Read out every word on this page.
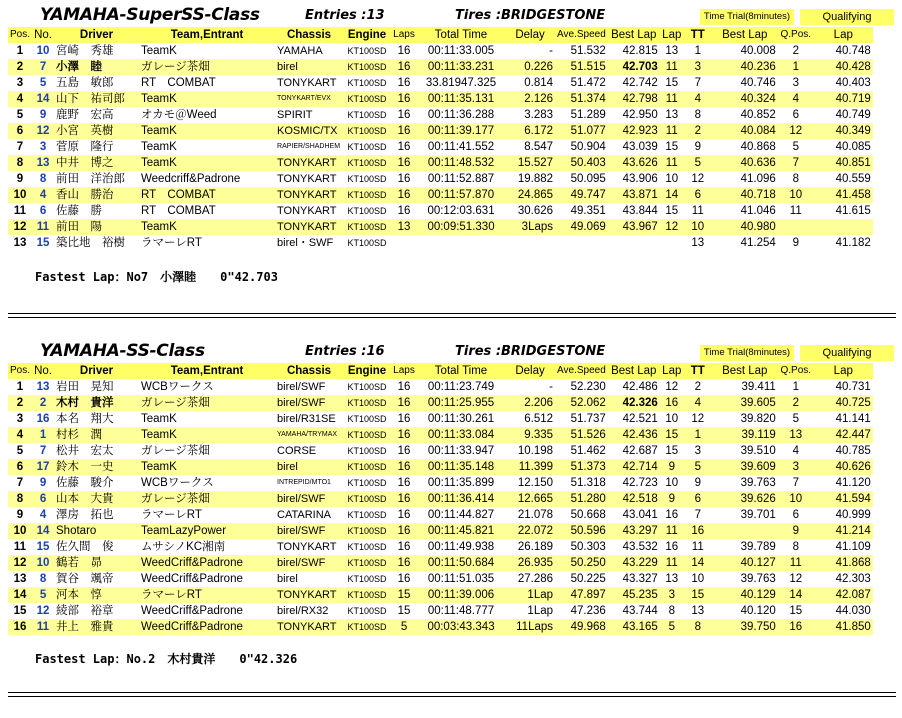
YAMAHA-SuperSS-Class	Entries :13	Tires :BRIDGESTONE	Time Trial(8minutes)	Qualifying
Pos.	No.	Driver	Team,Entrant	Chassis	Engine	Laps	Total Time	Delay	Ave.Speed	Best Lap	Lap	TT	Best Lap	Q.Pos.	Lap
1	10	宮崎　秀雄	TeamK	YAMAHA	KT100SD	16	00:11:33.005	-	51.532	42.815	13	1	40.008	2	40.748
2	7	小澤　睦	ガレージ茶畑	birel	KT100SD	16	00:11:33.231	0.226	51.515	42.703	11	3	40.236	1	40.428
3	5	五島　敏郎	RT　COMBAT	TONYKART	KT100SD	16	33.81947.325	0.814	51.472	42.742	15	7	40.746	3	40.403
4	14	山下　祐司郎	TeamK	TONYKART/EVX	KT100SD	16	00:11:35.131	2.126	51.374	42.798	11	4	40.324	4	40.719
5	9	鹿野　宏高	オカモ＠Weed	SPIRIT	KT100SD	16	00:11:36.288	3.283	51.289	42.950	13	8	40.852	6	40.749
6	12	小宮　英樹	TeamK	KOSMIC/TX	KT100SD	16	00:11:39.177	6.172	51.077	42.923	11	2	40.084	12	40.349
7	3	菅原　隆行	TeamK	RAPIER/SHADHEM	KT100SD	16	00:11:41.552	8.547	50.904	43.039	15	9	40.868	5	40.085
8	13	中井　博之	TeamK	TONYKART	KT100SD	16	00:11:48.532	15.527	50.403	43.626	11	5	40.636	7	40.851
9	8	前田　洋治郎	Weedcriff&Padrone	TONYKART	KT100SD	16	00:11:52.887	19.882	50.095	43.906	10	12	41.096	8	40.559
10	4	香山　勝治	RT　COMBAT	TONYKART	KT100SD	16	00:11:57.870	24.865	49.747	43.871	14	6	40.718	10	41.458
11	6	佐藤　勝	RT　COMBAT	TONYKART	KT100SD	16	00:12:03.631	30.626	49.351	43.844	15	11	41.046	11	41.615
12	11	前田　陽	TeamK	TONYKART	KT100SD	13	00:09:51.330	3Laps	49.069	43.967	12	10	40.980		
13	15	築比地　裕樹	ラマーレRT	birel・SWF	KT100SD							13	41.254	9	41.182
Fastest Lap：No7　小澤睦　　0"42.703
YAMAHA-SS-Class	Entries :16	Tires :BRIDGESTONE	Time Trial(8minutes)	Qualifying
Pos.	No.	Driver	Team,Entrant	Chassis	Engine	Laps	Total Time	Delay	Ave.Speed	Best Lap	Lap	TT	Best Lap	Q.Pos.	Lap
1	13	岩田　晃知	WCBワークス	birel/SWF	KT100SD	16	00:11:23.749	-	52.230	42.486	12	2	39.411	1	40.731
2	2	木村　貴洋	ガレージ茶畑	birel/SWF	KT100SD	16	00:11:25.955	2.206	52.062	42.326	16	4	39.605	2	40.725
3	16	本名　翔大	TeamK	birel/R31SE	KT100SD	16	00:11:30.261	6.512	51.737	42.521	10	12	39.820	5	41.141
4	1	村杉　潤	TeamK	YAMAHA/TRYMAX	KT100SD	16	00:11:33.084	9.335	51.526	42.436	15	1	39.119	13	42.447
5	7	松井　宏太	ガレージ茶畑	CORSE	KT100SD	16	00:11:33.947	10.198	51.462	42.687	15	3	39.510	4	40.785
6	17	鈴木　一史	TeamK	birel	KT100SD	16	00:11:35.148	11.399	51.373	42.714	9	5	39.609	3	40.626
7	9	佐藤　駿介	WCBワークス	INTREPID/MTO1	KT100SD	16	00:11:35.899	12.150	51.318	42.723	10	9	39.763	7	41.120
8	6	山本　大貴	ガレージ茶畑	birel/SWF	KT100SD	16	00:11:36.414	12.665	51.280	42.518	9	6	39.626	10	41.594
9	4	澤房　拓也	ラマーレRT	CATARINA	KT100SD	16	00:11:44.827	21.078	50.668	43.041	16	7	39.701	6	40.999
10	14	Shotaro	TeamLazyPower	birel/SWF	KT100SD	16	00:11:45.821	22.072	50.596	43.297	11	16		9	41.214
11	15	佐久間　俊	ムサシノKC湘南	TONYKART	KT100SD	16	00:11:49.938	26.189	50.303	43.532	16	11	39.789	8	41.109
12	10	鶴若　昴	WeedCriff&Padrone	birel/SWF	KT100SD	16	00:11:50.684	26.935	50.250	43.229	11	14	40.127	11	41.868
13	8	賀谷　颯帝	WeedCriff&Padrone	birel	KT100SD	16	00:11:51.035	27.286	50.225	43.327	13	10	39.763	12	42.303
14	5	河本　惇	ラマーレRT	TONYKART	KT100SD	15	00:11:39.006	1Lap	47.897	45.235	3	15	40.129	14	42.087
15	12	綾部　裕章	WeedCriff&Padrone	birel/RX32	KT100SD	15	00:11:48.777	1Lap	47.236	43.744	8	13	40.120	15	44.030
16	11	井上　雅貴	WeedCriff&Padrone	TONYKART	KT100SD	5	00:03:43.343	11Laps	49.968	43.165	5	8	39.750	16	41.850
Fastest Lap：No.2　木村貴洋　　0"42.326
